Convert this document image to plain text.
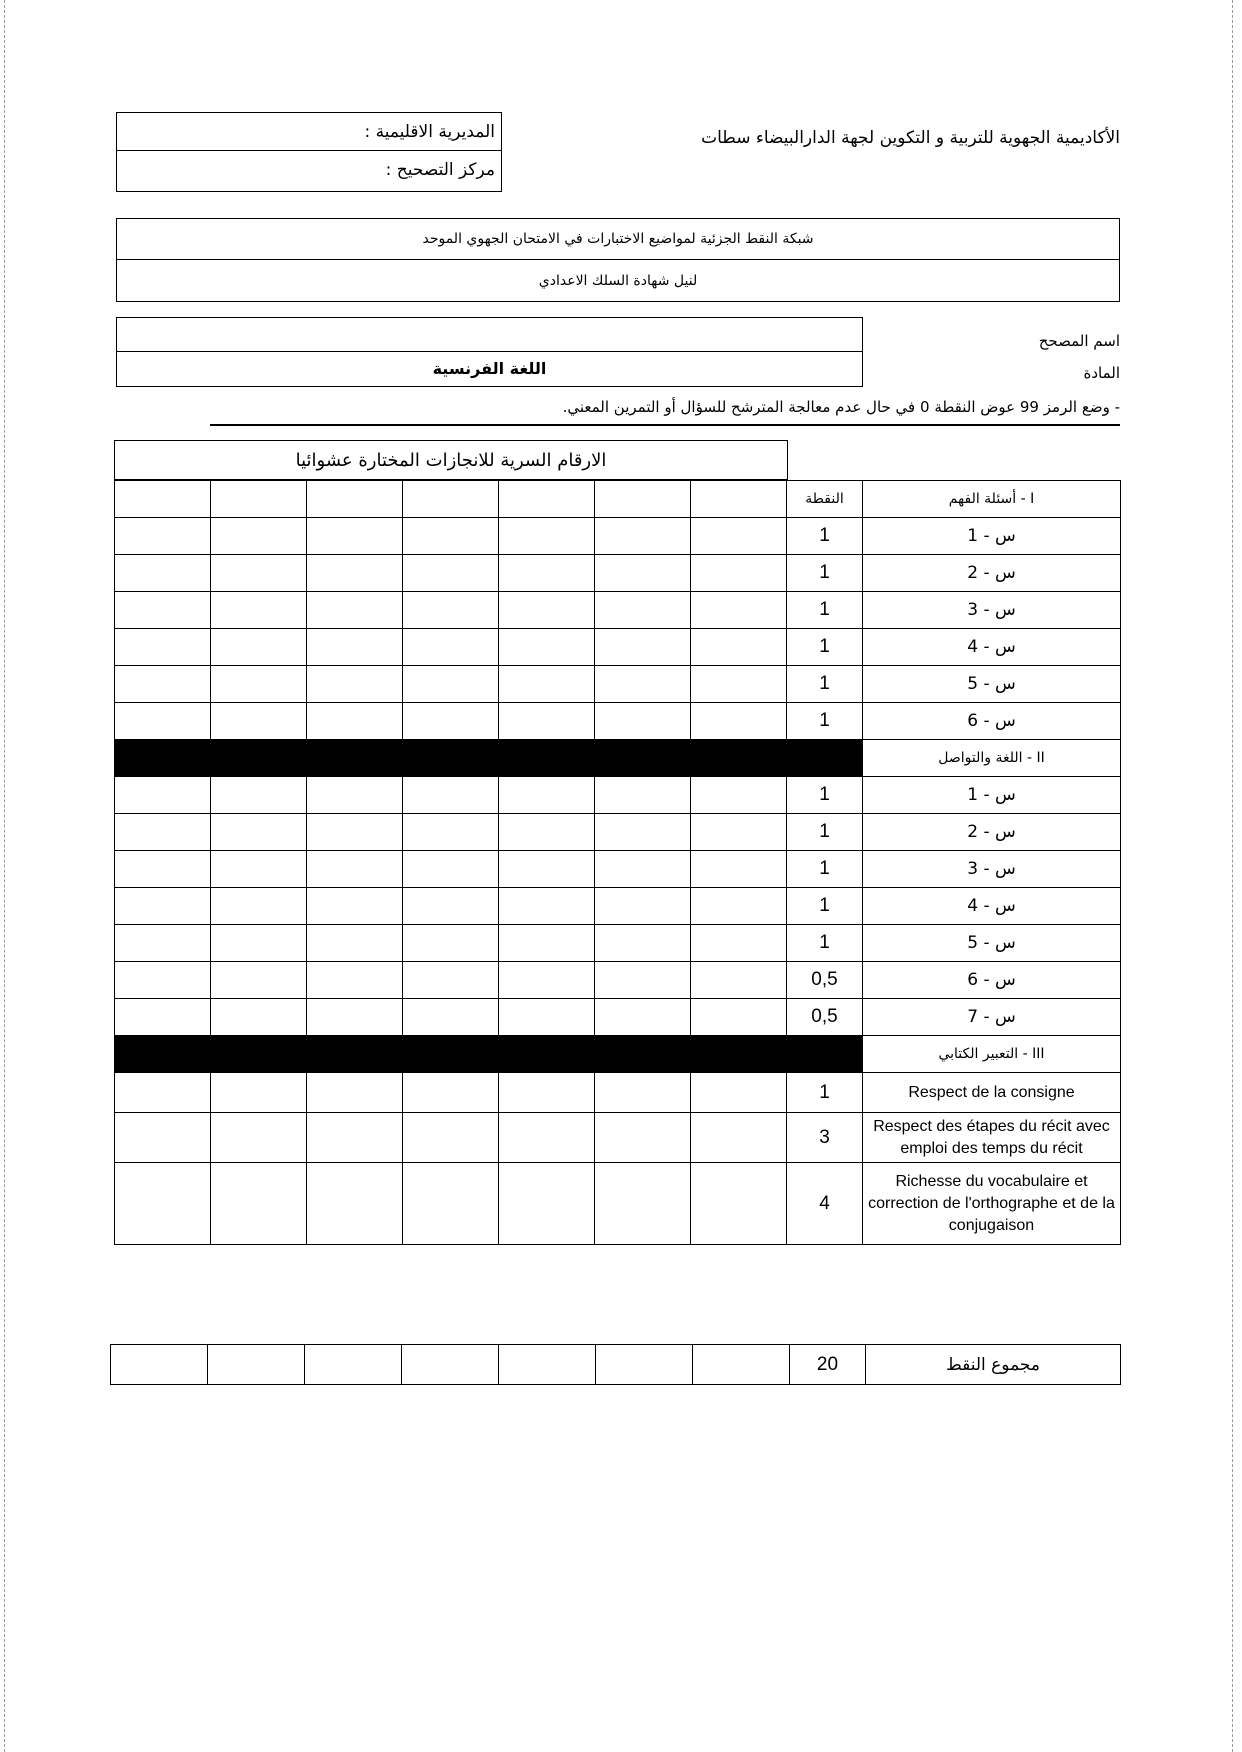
الأكاديمية الجهوية للتربية و التكوين لجهة الدارالبيضاء سطات
المديرية الاقليمية :
مركز التصحيح :
شبكة النقط الجزئية لمواضيع الاختبارات في الامتحان الجهوي الموحد
لنيل شهادة السلك الاعدادي
اللغة الفرنسية
اسم المصحح
المادة
- وضع الرمز 99 عوض النقطة 0 في حال عدم معالجة المترشح للسؤال أو التمرين المعني.
الارقام السرية للانجازات المختارة عشوائيا
							النقطة	I - أسئلة الفهم
							1	س - 1
							1	س - 2
							1	س - 3
							1	س - 4
							1	س - 5
							1	س - 6
								II - اللغة والتواصل
							1	س - 1
							1	س - 2
							1	س - 3
							1	س - 4
							1	س - 5
							0,5	س - 6
							0,5	س - 7
								III - التعبير الكتابي
							1	Respect de la consigne
							3	Respect des étapes du récit avec emploi des temps du récit
							4	Richesse du vocabulaire et correction de l'orthographe et de la conjugaison
							20	مجموع النقط
